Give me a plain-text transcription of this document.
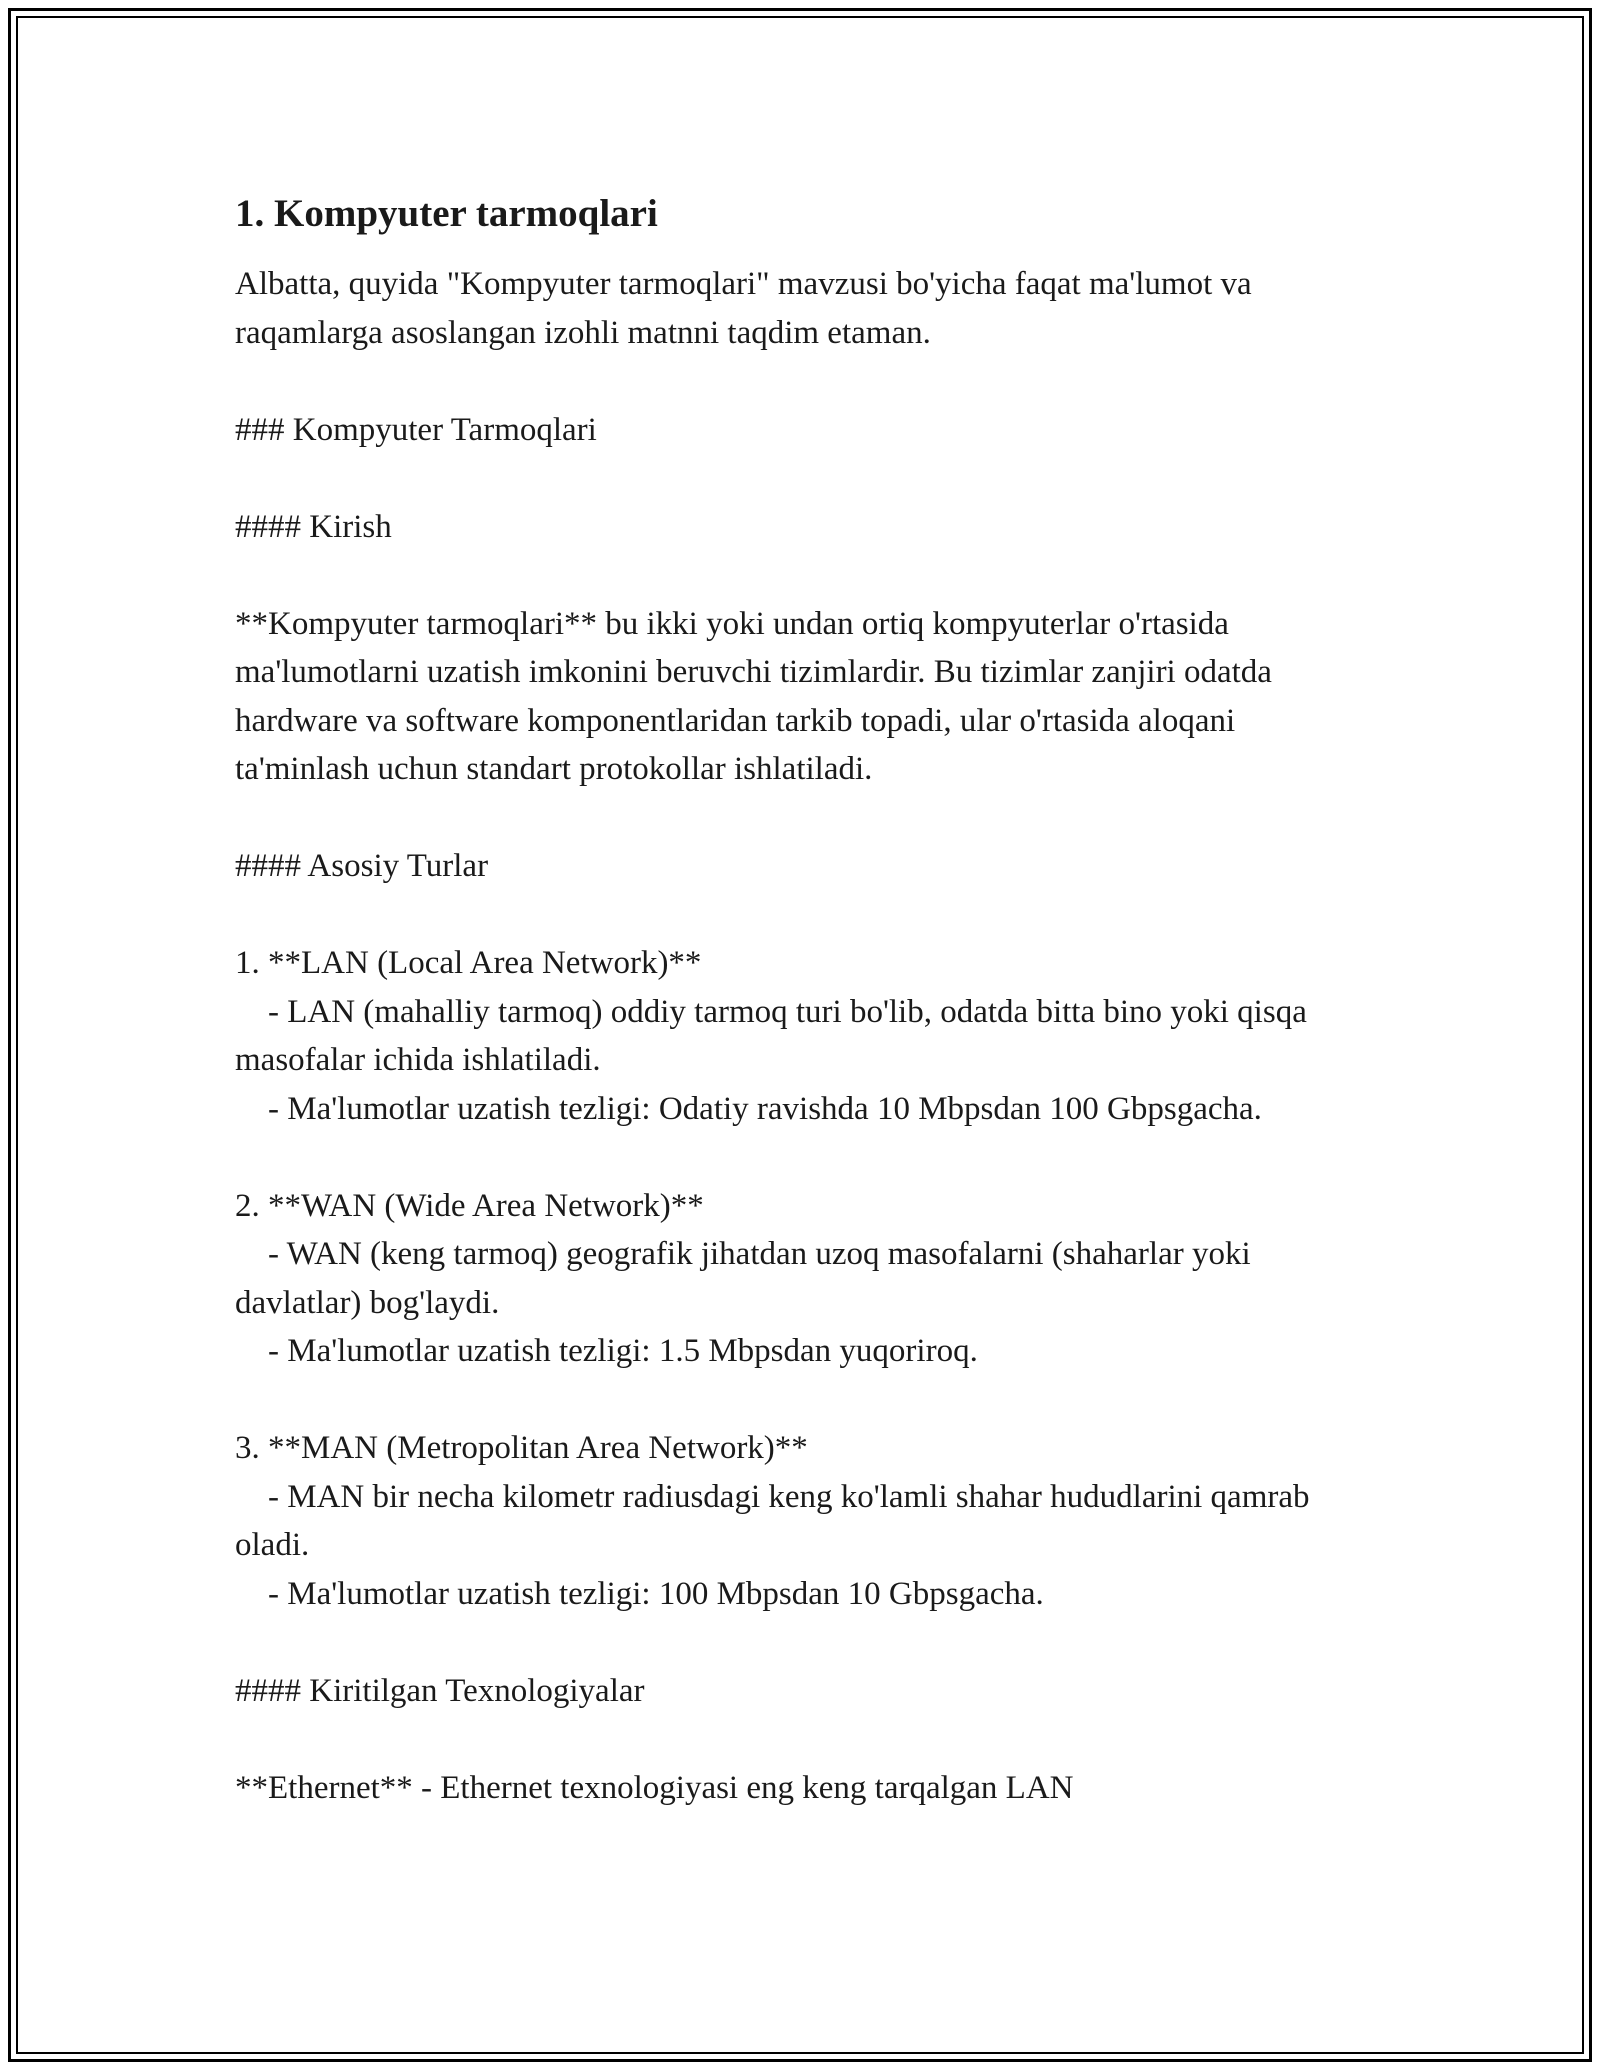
1. Kompyuter tarmoqlari

Albatta, quyida "Kompyuter tarmoqlari" mavzusi bo'yicha faqat ma'lumot va raqamlarga asoslangan izohli matnni taqdim etaman.

### Kompyuter Tarmoqlari

#### Kirish

**Kompyuter tarmoqlari** bu ikki yoki undan ortiq kompyuterlar o'rtasida ma'lumotlarni uzatish imkonini beruvchi tizimlardir. Bu tizimlar zanjiri odatda hardware va software komponentlaridan tarkib topadi, ular o'rtasida aloqani ta'minlash uchun standart protokollar ishlatiladi.

#### Asosiy Turlar

1. **LAN (Local Area Network)**

- LAN (mahalliy tarmoq) oddiy tarmoq turi bo'lib, odatda bitta bino yoki qisqa masofalar ichida ishlatiladi.

- Ma'lumotlar uzatish tezligi: Odatiy ravishda 10 Mbpsdan 100 Gbpsgacha.

2. **WAN (Wide Area Network)**

- WAN (keng tarmoq) geografik jihatdan uzoq masofalarni (shaharlar yoki davlatlar) bog'laydi.

- Ma'lumotlar uzatish tezligi: 1.5 Mbpsdan yuqoriroq.

3. **MAN (Metropolitan Area Network)**

- MAN bir necha kilometr radiusdagi keng ko'lamli shahar hududlarini qamrab oladi.

- Ma'lumotlar uzatish tezligi: 100 Mbpsdan 10 Gbpsgacha.

#### Kiritilgan Texnologiyalar

**Ethernet** - Ethernet texnologiyasi eng keng tarqalgan LAN
